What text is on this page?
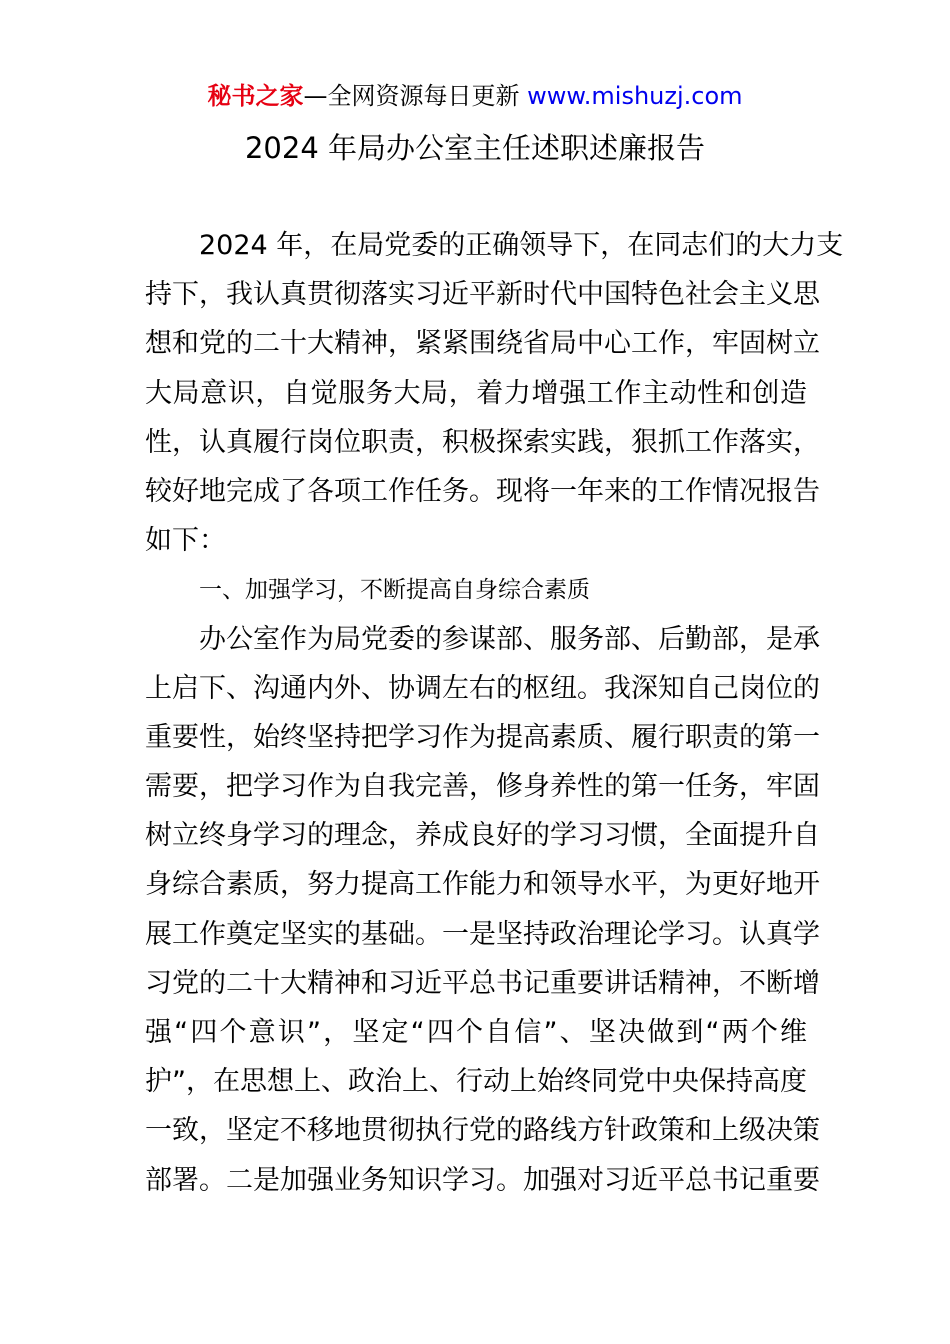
秘书之家—全网资源每日更新 www.mishuzj.com
2024 年局办公室主任述职述廉报告
2024 年，在局党委的正确领导下，在同志们的大力支
持下，我认真贯彻落实习近平新时代中国特色社会主义思
想和党的二十大精神，紧紧围绕省局中心工作，牢固树立
大局意识，自觉服务大局，着力增强工作主动性和创造
性，认真履行岗位职责，积极探索实践，狠抓工作落实，
较好地完成了各项工作任务。现将一年来的工作情况报告
如下：
一、加强学习，不断提高自身综合素质
办公室作为局党委的参谋部、服务部、后勤部，是承
上启下、沟通内外、协调左右的枢纽。我深知自己岗位的
重要性，始终坚持把学习作为提高素质、履行职责的第一
需要，把学习作为自我完善，修身养性的第一任务，牢固
树立终身学习的理念，养成良好的学习习惯，全面提升自
身综合素质，努力提高工作能力和领导水平，为更好地开
展工作奠定坚实的基础。一是坚持政治理论学习。认真学
习党的二十大精神和习近平总书记重要讲话精神，不断增
强“四个意识”，坚定“四个自信”、坚决做到“两个维
护”，在思想上、政治上、行动上始终同党中央保持高度
一致，坚定不移地贯彻执行党的路线方针政策和上级决策
部署。二是加强业务知识学习。加强对习近平总书记重要
